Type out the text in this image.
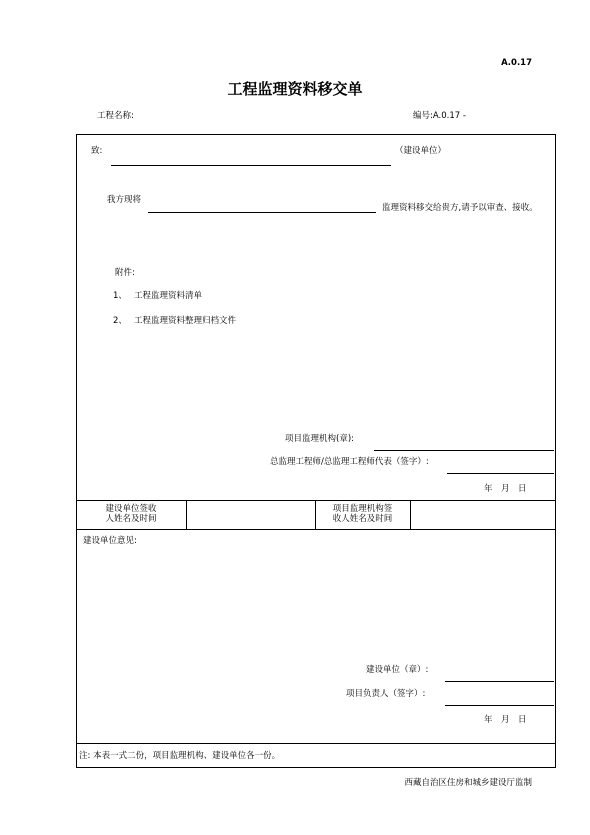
A.0.17
工程监理资料移交单
工程名称:	编号:A.0.17 -
致:	（建设单位）
我方现将
监理资料移交给贵方,请予以审查、接收。
附件:
1、 工程监理资料清单
2、 工程监理资料整理归档文件
项目监理机构(章):
总监理工程师/总监理工程师代表（签字）:
年　月　日
建设单位签收
人姓名及时间
项目监理机构签
收人姓名及时间
建设单位意见:
建设单位（章）:
项目负责人（签字）:
年　月　日
注: 本表一式二份，项目监理机构、建设单位各一份。
西藏自治区住房和城乡建设厅监制
